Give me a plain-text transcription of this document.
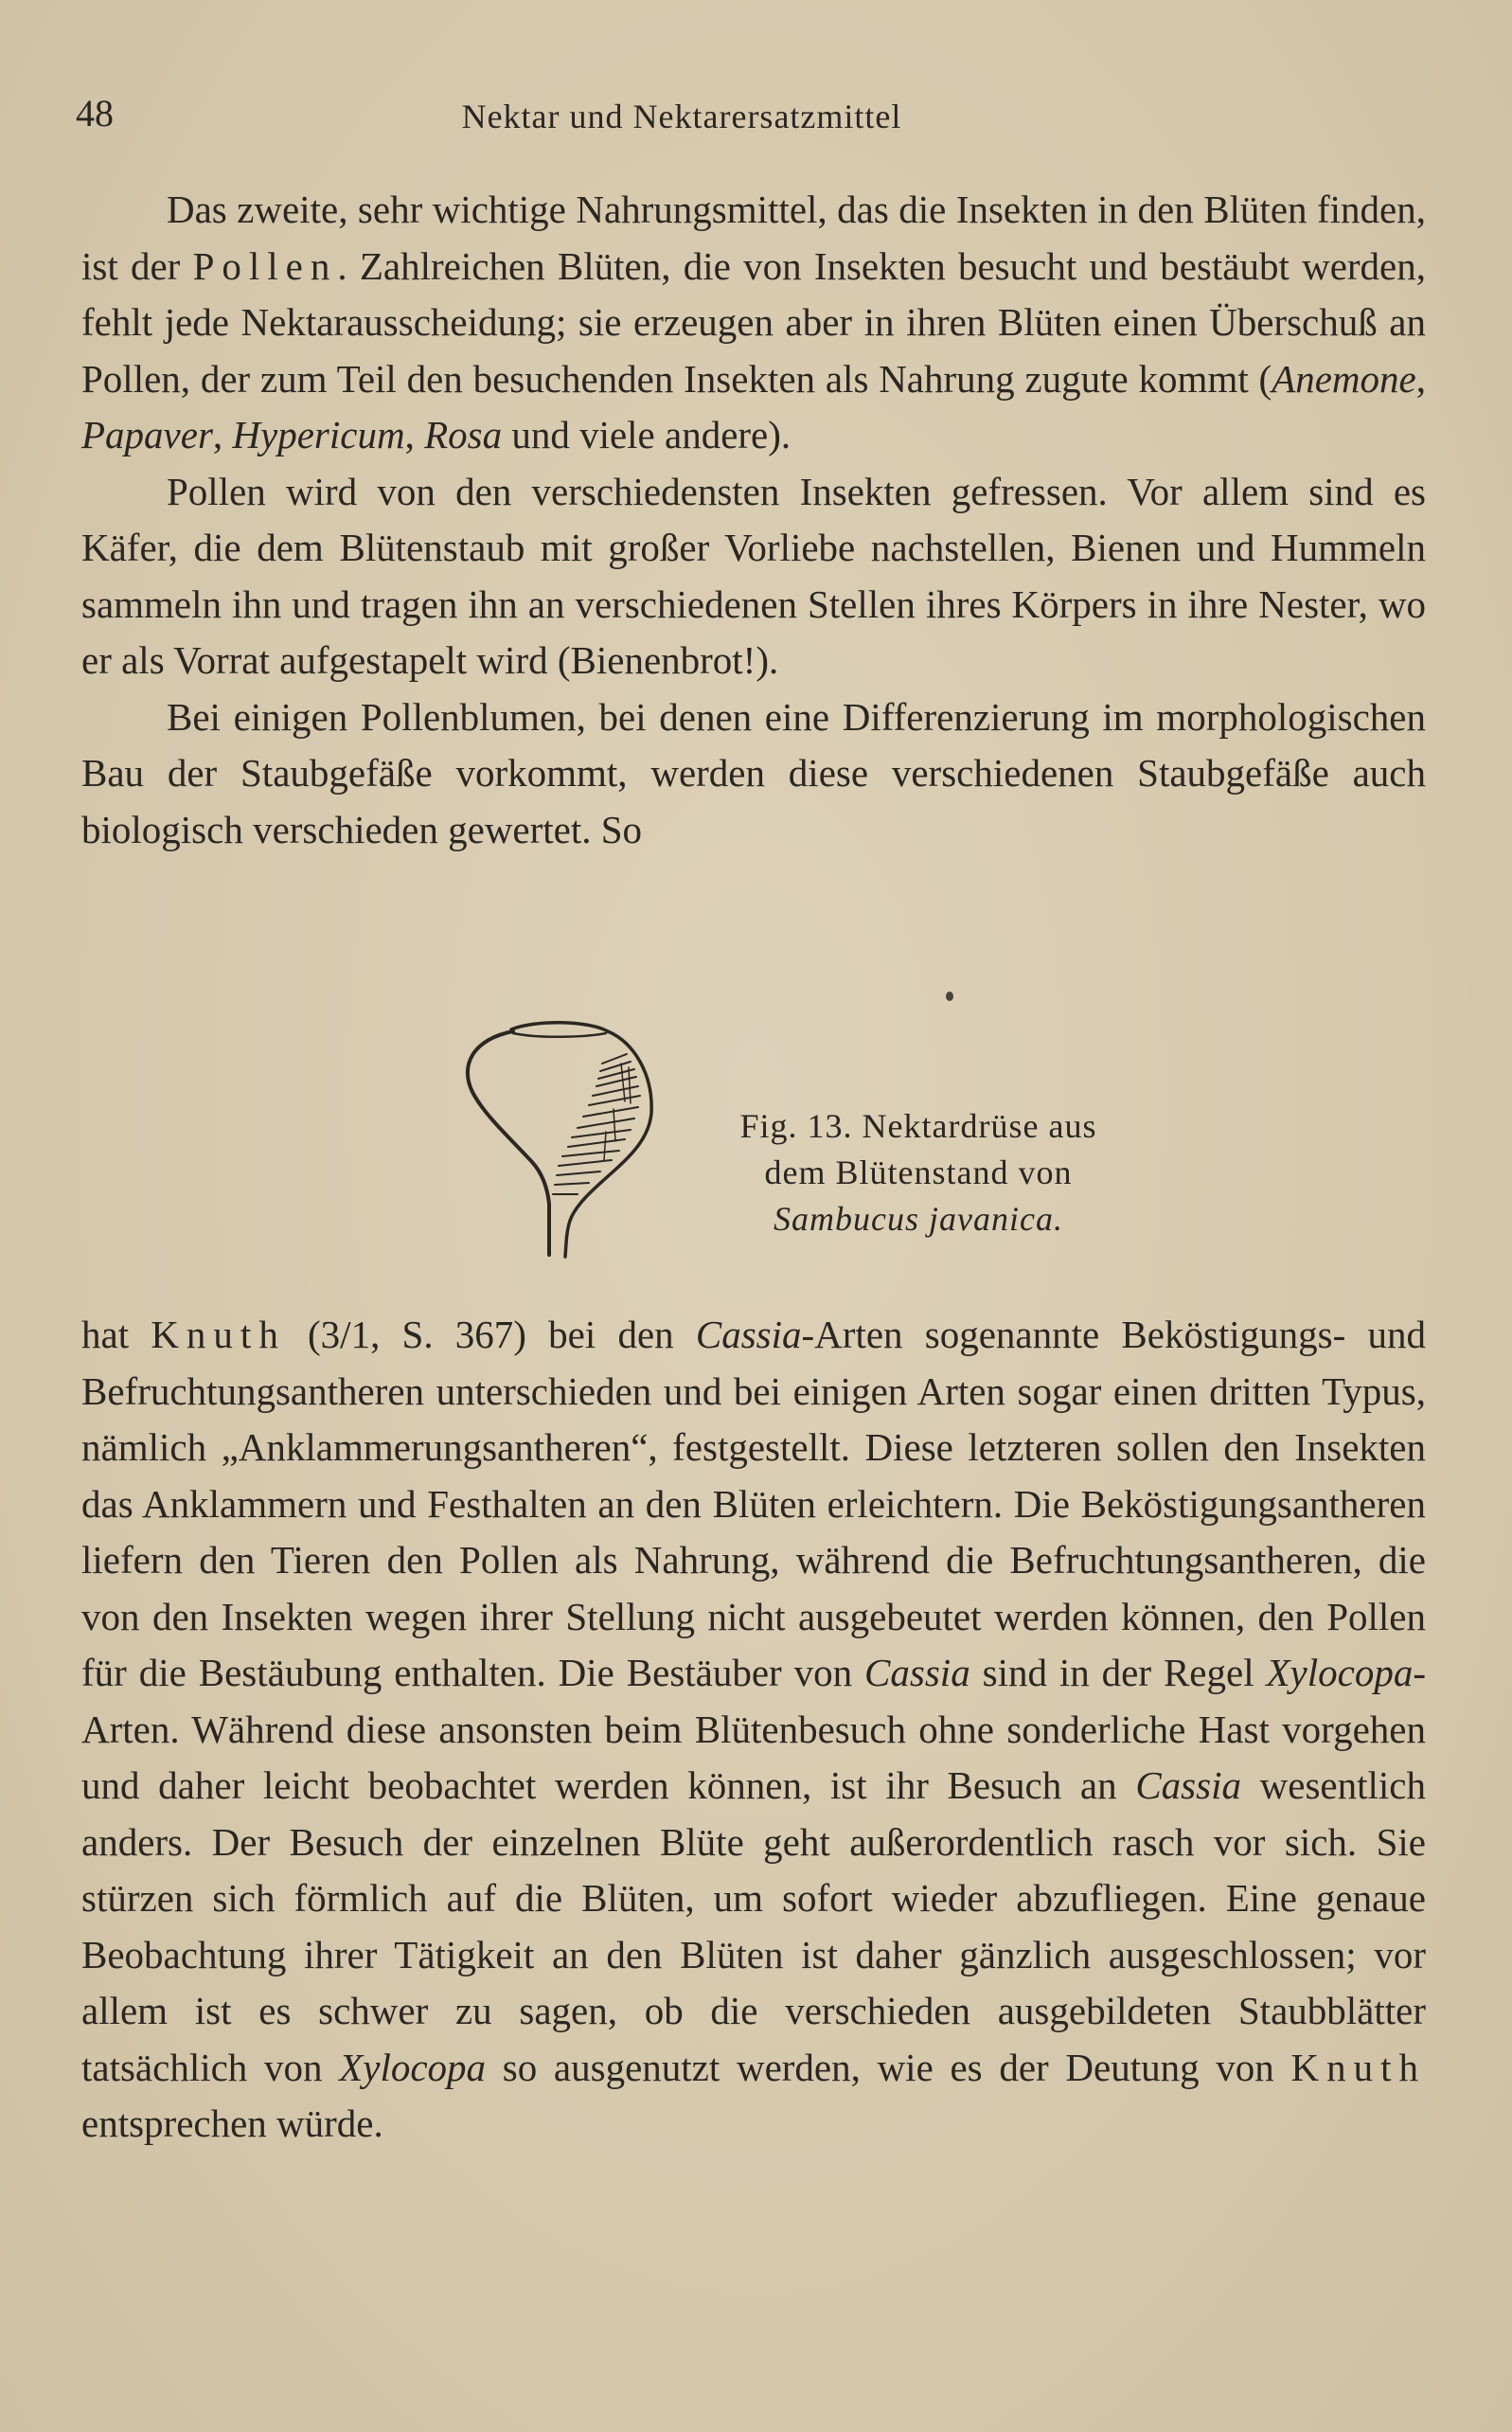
48	Nektar und Nektarersatzmittel

Das zweite, sehr wichtige Nahrungsmittel, das die Insekten in den Blüten finden, ist der Pollen. Zahlreichen Blüten, die von Insekten besucht und bestäubt werden, fehlt jede Nektarausscheidung; sie erzeugen aber in ihren Blüten einen Überschuß an Pollen, der zum Teil den besuchenden Insekten als Nahrung zugute kommt (Anemone, Papaver, Hypericum, Rosa und viele andere).

Pollen wird von den verschiedensten Insekten gefressen. Vor allem sind es Käfer, die dem Blütenstaub mit großer Vorliebe nachstellen, Bienen und Hummeln sammeln ihn und tragen ihn an verschiedenen Stellen ihres Körpers in ihre Nester, wo er als Vorrat aufgestapelt wird (Bienenbrot!).

Bei einigen Pollenblumen, bei denen eine Differenzierung im morphologischen Bau der Staubgefäße vorkommt, werden diese verschiedenen Staubgefäße auch biologisch verschieden gewertet. So

Fig. 13. Nektardrüse aus
dem Blütenstand von
Sambucus javanica.

hat Knuth (3/1, S. 367) bei den Cassia-Arten sogenannte Beköstigungs- und Befruchtungsantheren unterschieden und bei einigen Arten sogar einen dritten Typus, nämlich „Anklammerungsantheren“, festgestellt. Diese letzteren sollen den Insekten das Anklammern und Festhalten an den Blüten erleichtern. Die Beköstigungsantheren liefern den Tieren den Pollen als Nahrung, während die Befruchtungsantheren, die von den Insekten wegen ihrer Stellung nicht ausgebeutet werden können, den Pollen für die Bestäubung enthalten. Die Bestäuber von Cassia sind in der Regel Xylocopa-Arten. Während diese ansonsten beim Blütenbesuch ohne sonderliche Hast vorgehen und daher leicht beobachtet werden können, ist ihr Besuch an Cassia wesentlich anders. Der Besuch der einzelnen Blüte geht außerordentlich rasch vor sich. Sie stürzen sich förmlich auf die Blüten, um sofort wieder abzufliegen. Eine genaue Beobachtung ihrer Tätigkeit an den Blüten ist daher gänzlich ausgeschlossen; vor allem ist es schwer zu sagen, ob die verschieden ausgebildeten Staubblätter tatsächlich von Xylocopa so ausgenutzt werden, wie es der Deutung von Knuth entsprechen würde.
